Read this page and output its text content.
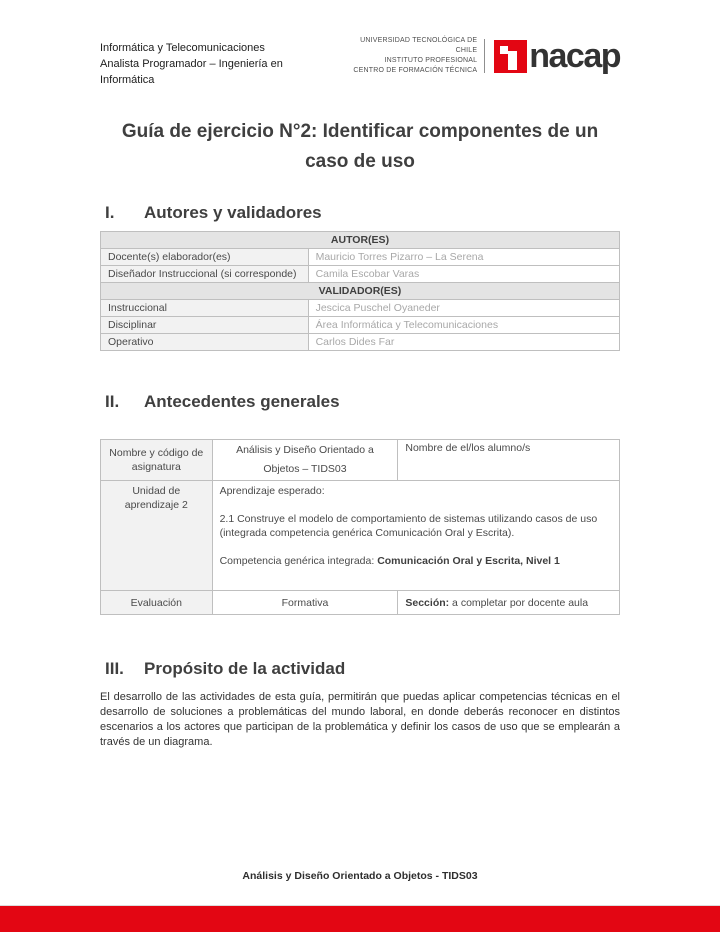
Informática y Telecomunicaciones
Analista Programador – Ingeniería en Informática
UNIVERSIDAD TECNOLÓGICA DE CHILE
INSTITUTO PROFESIONAL
CENTRO DE FORMACIÓN TÉCNICA nacap
Guía de ejercicio N°2: Identificar componentes de un caso de uso
I.	Autores y validadores
AUTOR(ES)	
Docente(s) elaborador(es)	Mauricio Torres Pizarro – La Serena
Diseñador Instruccional (si corresponde)	Camila Escobar Varas
VALIDADOR(ES)	
Instruccional	Jescica Puschel Oyaneder
Disciplinar	Área Informática y Telecomunicaciones
Operativo	Carlos Dides Far
II.	Antecedentes generales
Nombre y código de asignatura	Análisis y Diseño Orientado a Objetos – TIDS03	Nombre de el/los alumno/s
Unidad de aprendizaje 2	Aprendizaje esperado:
2.1 Construye el modelo de comportamiento de sistemas utilizando casos de uso (integrada competencia genérica Comunicación Oral y Escrita).
Competencia genérica integrada: Comunicación Oral y Escrita, Nivel 1	

Evaluación	Formativa	Sección: a completar por docente aula
III.	Propósito de la actividad
El desarrollo de las actividades de esta guía, permitirán que puedas aplicar competencias técnicas en el desarrollo de soluciones a problemáticas del mundo laboral, en donde deberás reconocer en distintos escenarios a los actores que participan de la problemática y definir los casos de uso que se emplearán a través de un diagrama.
Análisis y Diseño Orientado a Objetos - TIDS03
